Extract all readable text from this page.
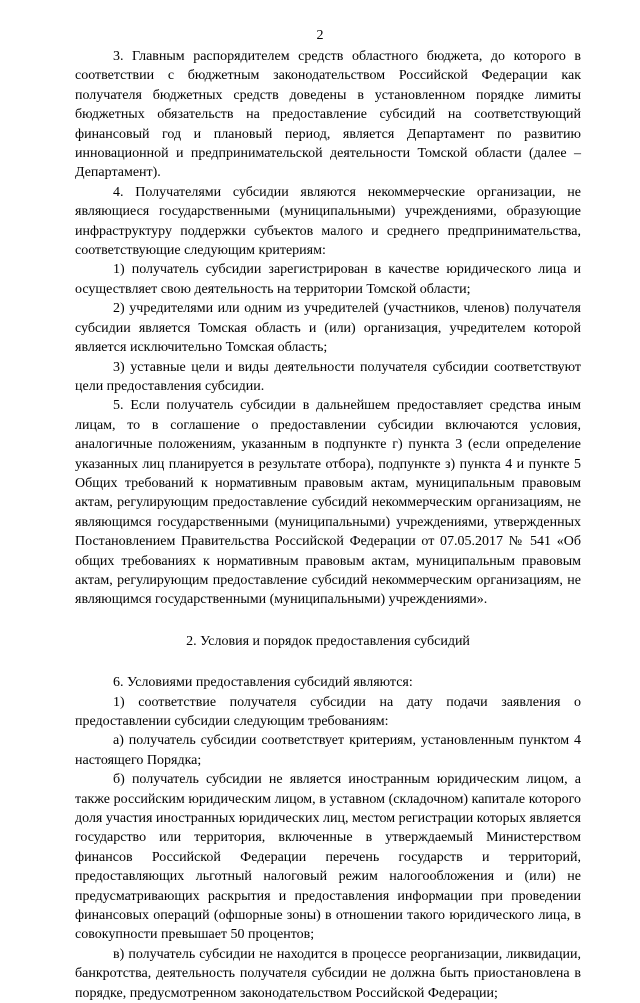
2

3. Главным распорядителем средств областного бюджета, до которого в соответствии с бюджетным законодательством Российской Федерации как получателя бюджетных средств доведены в установленном порядке лимиты бюджетных обязательств на предоставление субсидий на соответствующий финансовый год и плановый период, является Департамент по развитию инновационной и предпринимательской деятельности Томской области (далее – Департамент).

4. Получателями субсидии являются некоммерческие организации, не являющиеся государственными (муниципальными) учреждениями, образующие инфраструктуру поддержки субъектов малого и среднего предпринимательства, соответствующие следующим критериям:

1) получатель субсидии зарегистрирован в качестве юридического лица и осуществляет свою деятельность на территории Томской области;

2) учредителями или одним из учредителей (участников, членов) получателя субсидии является Томская область и (или) организация, учредителем которой является исключительно Томская область;

3) уставные цели и виды деятельности получателя субсидии соответствуют цели предоставления субсидии.

5. Если получатель субсидии в дальнейшем предоставляет средства иным лицам, то в соглашение о предоставлении субсидии включаются условия, аналогичные положениям, указанным в подпункте г) пункта 3 (если определение указанных лиц планируется в результате отбора), подпункте з) пункта 4 и пункте 5 Общих требований к нормативным правовым актам, муниципальным правовым актам, регулирующим предоставление субсидий некоммерческим организациям, не являющимся государственными (муниципальными) учреждениями, утвержденных Постановлением Правительства Российской Федерации от 07.05.2017 № 541 «Об общих требованиях к нормативным правовым актам, муниципальным правовым актам, регулирующим предоставление субсидий некоммерческим организациям, не являющимся государственными (муниципальными) учреждениями».

2. Условия и порядок предоставления субсидий

6. Условиями предоставления субсидий являются:

1) соответствие получателя субсидии на дату подачи заявления о предоставлении субсидии следующим требованиям:

а) получатель субсидии соответствует критериям, установленным пунктом 4 настоящего Порядка;

б) получатель субсидии не является иностранным юридическим лицом, а также российским юридическим лицом, в уставном (складочном) капитале которого доля участия иностранных юридических лиц, местом регистрации которых является государство или территория, включенные в утверждаемый Министерством финансов Российской Федерации перечень государств и территорий, предоставляющих льготный налоговый режим налогообложения и (или) не предусматривающих раскрытия и предоставления информации при проведении финансовых операций (офшорные зоны) в отношении такого юридического лица, в совокупности превышает 50 процентов;

в) получатель субсидии не находится в процессе реорганизации, ликвидации, банкротства, деятельность получателя субсидии не должна быть приостановлена в порядке, предусмотренном законодательством Российской Федерации;
